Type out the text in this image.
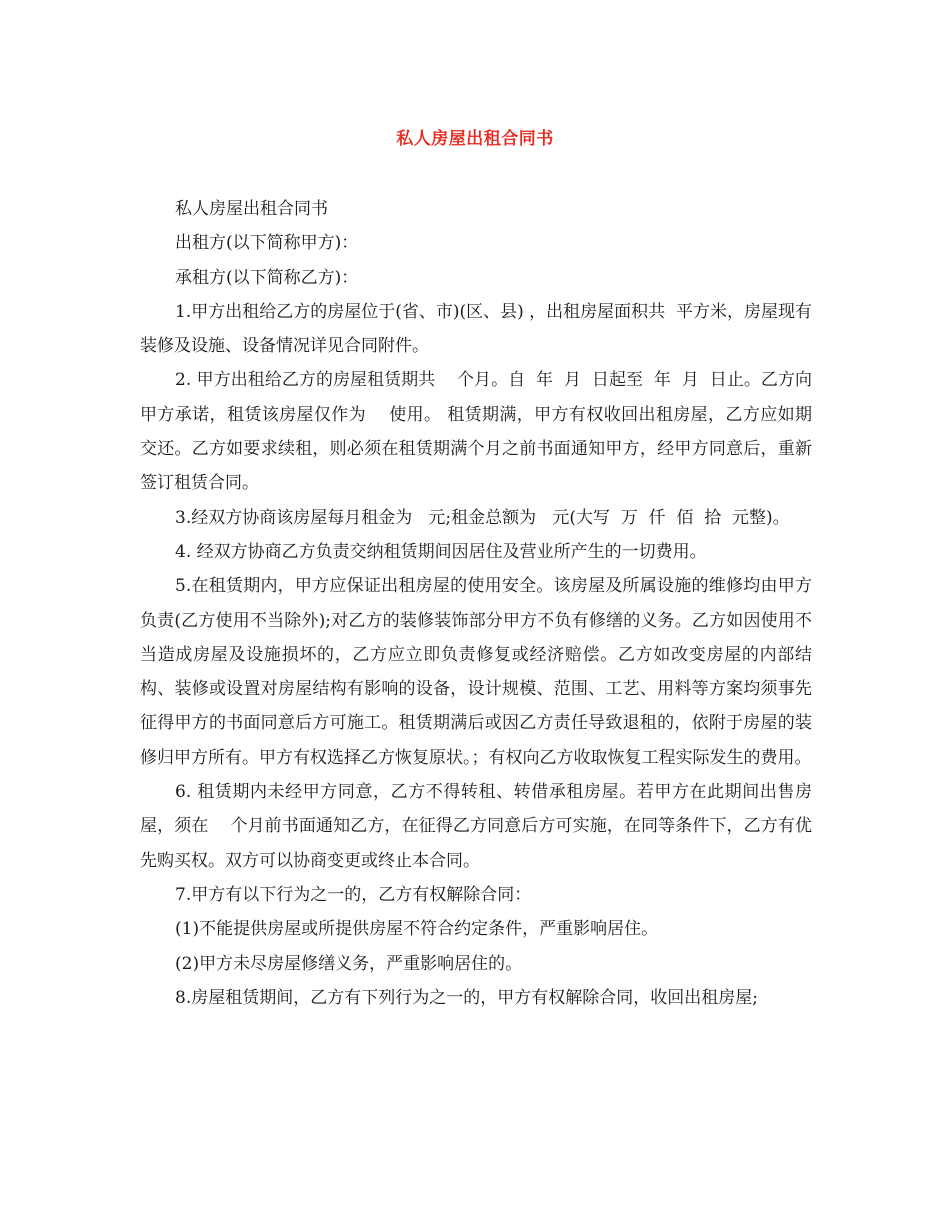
私人房屋出租合同书

私人房屋出租合同书

出租方(以下简称甲方)：

承租方(以下简称乙方)：

1.甲方出租给乙方的房屋位于(省、市)(区、县) ，出租房屋面积共  平方米，房屋现有装修及设施、设备情况详见合同附件。

2. 甲方出租给乙方的房屋租赁期共    个月。自  年  月  日起至  年  月  日止。乙方向甲方承诺，租赁该房屋仅作为    使用。 租赁期满，甲方有权收回出租房屋，乙方应如期交还。乙方如要求续租，则必须在租赁期满个月之前书面通知甲方，经甲方同意后，重新签订租赁合同。

3.经双方协商该房屋每月租金为   元;租金总额为   元(大写  万  仟  佰  拾  元整)。

4. 经双方协商乙方负责交纳租赁期间因居住及营业所产生的一切费用。

5.在租赁期内，甲方应保证出租房屋的使用安全。该房屋及所属设施的维修均由甲方负责(乙方使用不当除外);对乙方的装修装饰部分甲方不负有修缮的义务。乙方如因使用不当造成房屋及设施损坏的，乙方应立即负责修复或经济赔偿。乙方如改变房屋的内部结构、装修或设置对房屋结构有影响的设备，设计规模、范围、工艺、用料等方案均须事先征得甲方的书面同意后方可施工。租赁期满后或因乙方责任导致退租的，依附于房屋的装修归甲方所有。甲方有权选择乙方恢复原状。；有权向乙方收取恢复工程实际发生的费用。

6. 租赁期内未经甲方同意，乙方不得转租、转借承租房屋。若甲方在此期间出售房屋，须在    个月前书面通知乙方，在征得乙方同意后方可实施，在同等条件下，乙方有优先购买权。双方可以协商变更或终止本合同。

7.甲方有以下行为之一的，乙方有权解除合同：

(1)不能提供房屋或所提供房屋不符合约定条件，严重影响居住。

(2)甲方未尽房屋修缮义务，严重影响居住的。

8.房屋租赁期间，乙方有下列行为之一的，甲方有权解除合同，收回出租房屋;
